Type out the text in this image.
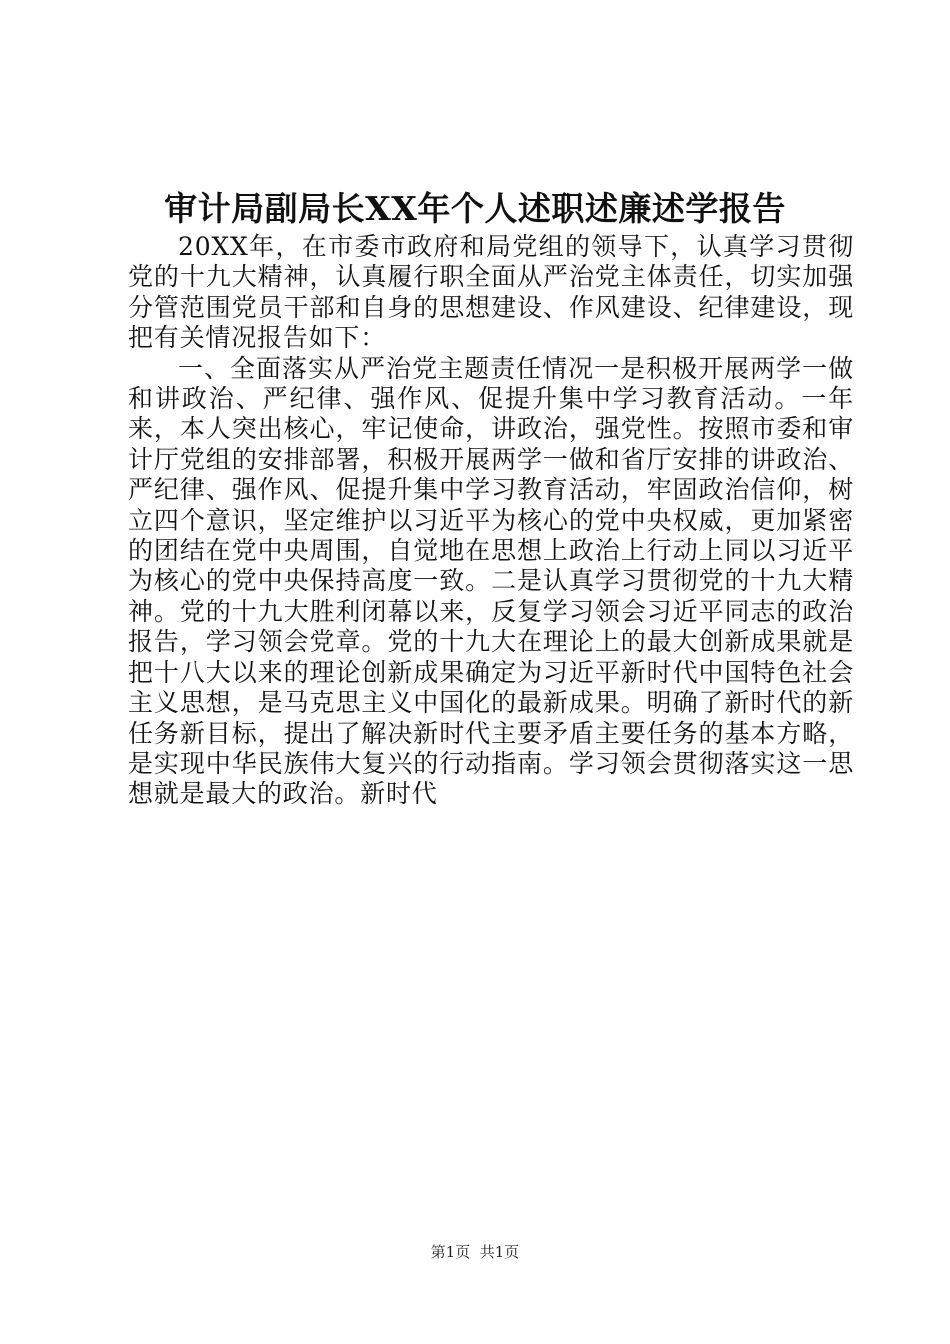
审计局副局长XX年个人述职述廉述学报告

20XX年，在市委市政府和局党组的领导下，认真学习贯彻党的十九大精神，认真履行职全面从严治党主体责任，切实加强分管范围党员干部和自身的思想建设、作风建设、纪律建设，现把有关情况报告如下：

一、全面落实从严治党主题责任情况一是积极开展两学一做和讲政治、严纪律、强作风、促提升集中学习教育活动。一年来，本人突出核心，牢记使命，讲政治，强党性。按照市委和审计厅党组的安排部署，积极开展两学一做和省厅安排的讲政治、严纪律、强作风、促提升集中学习教育活动，牢固政治信仰，树立四个意识，坚定维护以习近平为核心的党中央权威，更加紧密的团结在党中央周围，自觉地在思想上政治上行动上同以习近平为核心的党中央保持高度一致。二是认真学习贯彻党的十九大精神。党的十九大胜利闭幕以来，反复学习领会习近平同志的政治报告，学习领会党章。党的十九大在理论上的最大创新成果就是把十八大以来的理论创新成果确定为习近平新时代中国特色社会主义思想，是马克思主义中国化的最新成果。明确了新时代的新任务新目标，提出了解决新时代主要矛盾主要任务的基本方略，是实现中华民族伟大复兴的行动指南。学习领会贯彻落实这一思想就是最大的政治。新时代

第1页 共1页
